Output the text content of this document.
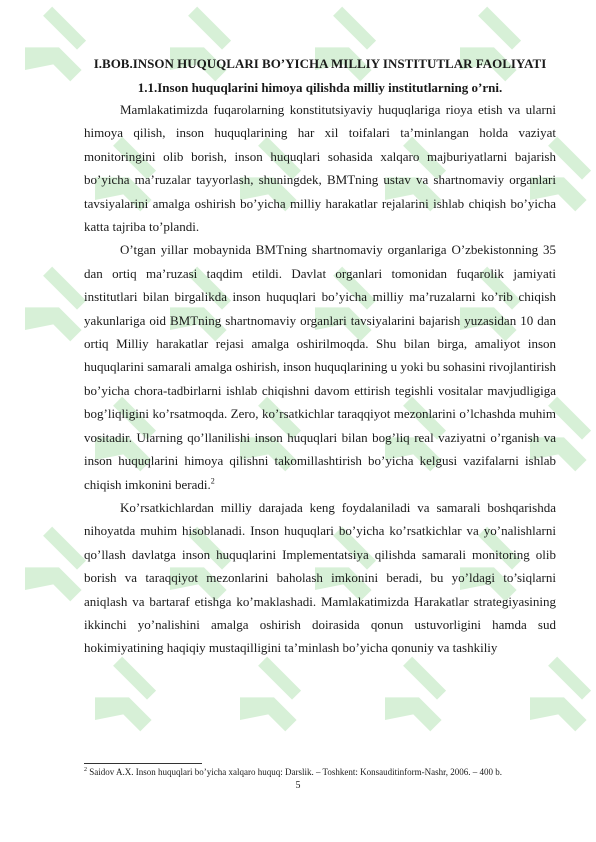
I.BOB.INSON HUQUQLARI BO’YICHA MILLIY INSTITUTLAR FAOLIYATI
1.1.Inson huquqlarini himoya qilishda milliy institutlarning o’rni.

Mamlakatimizda fuqarolarning konstitutsiyaviy huquqlariga rioya etish va ularni himoya qilish, inson huquqlarining har xil toifalari ta’minlangan holda vaziyat monitoringini olib borish, inson huquqlari sohasida xalqaro majburiyatlarni bajarish bo’yicha ma’ruzalar tayyorlash, shuningdek, BMTning ustav va shartnomaviy organlari tavsiyalarini amalga oshirish bo’yicha milliy harakatlar rejalarini ishlab chiqish bo’yicha katta tajriba to’plandi.

O’tgan yillar mobaynida BMTning shartnomaviy organlariga O’zbekistonning 35 dan ortiq ma’ruzasi taqdim etildi. Davlat organlari tomonidan fuqarolik jamiyati institutlari bilan birgalikda inson huquqlari bo’yicha milliy ma’ruzalarni ko’rib chiqish yakunlariga oid BMTning shartnomaviy organlari tavsiyalarini bajarish yuzasidan 10 dan ortiq Milliy harakatlar rejasi amalga oshirilmoqda. Shu bilan birga, amaliyot inson huquqlarini samarali amalga oshirish, inson huquqlarining u yoki bu sohasini rivojlantirish bo’yicha chora-tadbirlarni ishlab chiqishni davom ettirish tegishli vositalar mavjudligiga bog’liqligini ko’rsatmoqda. Zero, ko’rsatkichlar taraqqiyot mezonlarini o’lchashda muhim vositadir. Ularning qo’llanilishi inson huquqlari bilan bog’liq real vaziyatni o’rganish va inson huquqlarini himoya qilishni takomillashtirish bo’yicha kelgusi vazifalarni ishlab chiqish imkonini beradi.$^2$

Ko’rsatkichlardan milliy darajada keng foydalaniladi va samarali boshqarishda nihoyatda muhim hisoblanadi. Inson huquqlari bo’yicha ko’rsatkichlar va yo’nalishlarni qo’llash davlatga inson huquqlarini Implementatsiya qilishda samarali monitoring olib borish va taraqqiyot mezonlarini baholash imkonini beradi, bu yo’ldagi to’siqlarni aniqlash va bartaraf etishga ko’maklashadi. Mamlakatimizda Harakatlar strategiyasining ikkinchi yo’nalishini amalga oshirish doirasida qonun ustuvorligini hamda sud hokimiyatining haqiqiy mustaqilligini ta’minlash bo’yicha qonuniy va tashkiliy

$^2$ Saidov A.X. Inson huquqlari bo’yicha xalqaro huquq: Darslik. – Toshkent: Konsauditinform-Nashr, 2006. – 400 b.
5
